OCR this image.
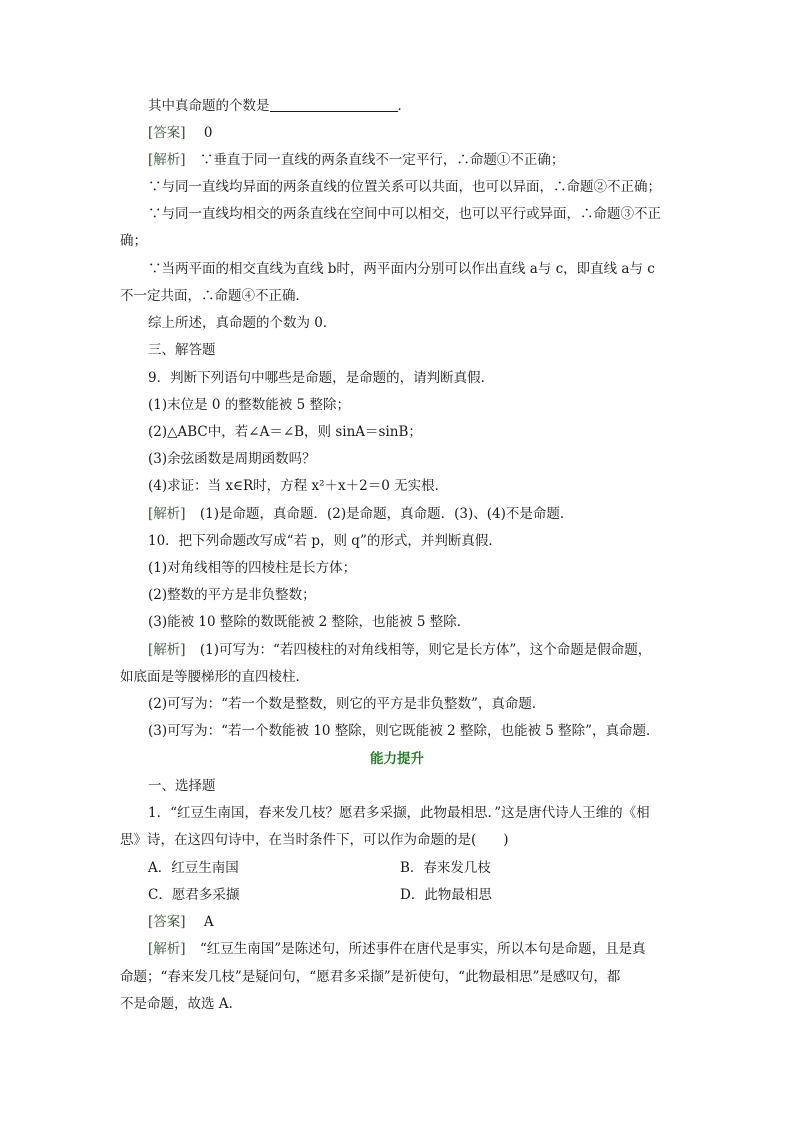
其中真命题的个数是	．
[答案] 0
[解析] ∵垂直于同一直线的两条直线不一定平行，∴命题①不正确；
∵与同一直线均异面的两条直线的位置关系可以共面，也可以异面，∴命题②不正确；
∵与同一直线均相交的两条直线在空间中可以相交，也可以平行或异面，∴命题③不正
确；
∵当两平面的相交直线为直线 b时，两平面内分别可以作出直线 a与 c，即直线 a与 c
不一定共面，∴命题④不正确．
综上所述，真命题的个数为 0．
三、解答题
9．判断下列语句中哪些是命题，是命题的，请判断真假．
(1)末位是 0 的整数能被 5 整除；
(2)△ABC中，若∠A＝∠B，则 sinA＝sinB；
(3)余弦函数是周期函数吗？
(4)求证：当 x∈R时，方程 x²＋x＋2＝0 无实根．
[解析] (1)是命题，真命题．(2)是命题，真命题．(3)、(4)不是命题．
10．把下列命题改写成“若 p，则 q”的形式，并判断真假．
(1)对角线相等的四棱柱是长方体；
(2)整数的平方是非负整数；
(3)能被 10 整除的数既能被 2 整除，也能被 5 整除．
[解析] (1)可写为：“若四棱柱的对角线相等，则它是长方体”，这个命题是假命题，
如底面是等腰梯形的直四棱柱．
(2)可写为：“若一个数是整数，则它的平方是非负整数”，真命题．
(3)可写为：“若一个数能被 10 整除，则它既能被 2 整除，也能被 5 整除”，真命题．
能力提升
一、选择题
1．“红豆生南国，春来发几枝？愿君多采撷，此物最相思．”这是唐代诗人王维的《相
思》诗，在这四句诗中，在当时条件下，可以作为命题的是(　　)
A．红豆生南国	B．春来发几枝
C．愿君多采撷	D．此物最相思
[答案] A
[解析] “红豆生南国”是陈述句，所述事件在唐代是事实，所以本句是命题，且是真
命题；“春来发几枝”是疑问句，“愿君多采撷”是祈使句，“此物最相思”是感叹句，都
不是命题，故选 A.
